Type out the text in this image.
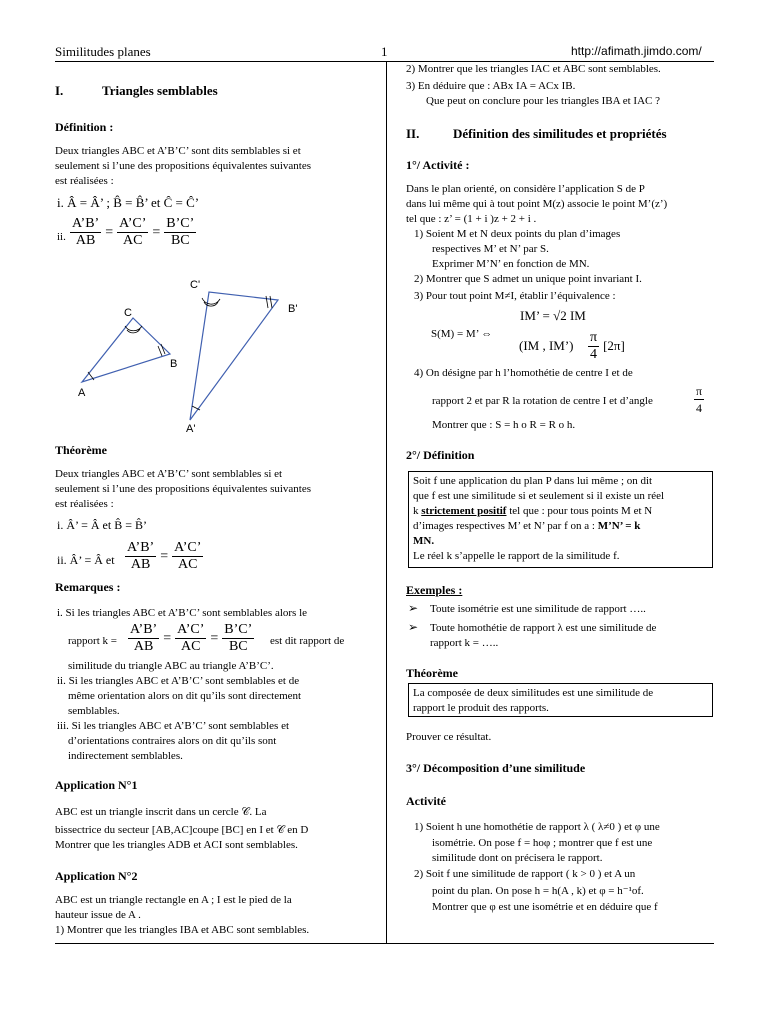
Similitudes planes	1	http://afimath.jimdo.com/
I.	Triangles semblables
Définition :
Deux triangles ABC et A’B’C’ sont dits semblables si et
seulement si l’une des propositions équivalentes suivantes
est réalisées :
i. Â = Â’ ; B̂ = B̂’ et Ĉ = Ĉ’
ii. $\frac{A’B’}{AB} = \frac{A’C’}{AC} = \frac{B’C’}{BC}$
A
B
C
A'
B'
C'
Théorème
Deux triangles ABC et A’B’C’ sont semblables si et
seulement si l’une des propositions équivalentes suivantes
est réalisées :
i. Â’ = Â et B̂ = B̂’
ii. Â’ = Â et $\frac{A’B’}{AB} = \frac{A’C’}{AC}$
Remarques :
i. Si les triangles ABC et A’B’C’ sont semblables alors le
rapport $k = \frac{A’B’}{AB} = \frac{A’C’}{AC} = \frac{B’C’}{BC}$ est dit rapport de
similitude du triangle ABC au triangle A’B’C’.
ii. Si les triangles ABC et A’B’C’ sont semblables et de
même orientation alors on dit qu’ils sont directement
semblables.
iii. Si les triangles ABC et A’B’C’ sont semblables et
d’orientations contraires alors on dit qu’ils sont
indirectement semblables.
Application N°1
ABC est un triangle inscrit dans un cercle 𝒞. La
bissectrice du secteur [AB,AC]coupe [BC] en I et 𝒞 en D
Montrer que les triangles ADB et ACI sont semblables.
Application N°2
ABC est un triangle rectangle en A ; I est le pied de la
hauteur issue de A .
1) Montrer que les triangles IBA et ABC sont semblables.
2) Montrer que les triangles IAC et ABC sont semblables.
3) En déduire que : ABx IA = ACx IB.
Que peut on conclure pour les triangles IBA et IAC ?
II.	Définition des similitudes et propriétés
1°/ Activité :
Dans le plan orienté, on considère l’application S de P
dans lui même qui à tout point M(z) associe le point M’(z’)
tel que : z’ = (1 + i )z + 2 + i .
1) Soient M et N deux points du plan d’images
respectives M’ et N’ par S.
Exprimer M’N’ en fonction de MN.
2) Montrer que S admet un unique point invariant I.
3) Pour tout point M≠I, établir l’équivalence :
IM’ = √2 IM
S(M) = M’ ⇔
(IM , IM’) $\frac{\pi}{4} [2\pi]$
4) On désigne par h l’homothétie de centre I et de
rapport 2 et par R la rotation de centre I et d’angle	$\frac{\pi}{4}$
Montrer que : S = h o R = R o h.
2°/ Définition
Soit f une application du plan P dans lui même ; on dit
que f est une similitude si et seulement si il existe un réel
k strictement positif tel que : pour tous points M et N
d’images respectives M’ et N’ par f on a : M’N’ = k
MN.
Le réel k s’appelle le rapport de la similitude f.
Exemples :
➢ Toute isométrie est une similitude de rapport …..
➢ Toute homothétie de rapport λ est une similitude de
rapport k = …..
Théorème
La composée de deux similitudes est une similitude de
rapport le produit des rapports.
Prouver ce résultat.
3°/ Décomposition d’une similitude
Activité
1) Soient h une homothétie de rapport λ ( λ≠0 ) et φ une
isométrie. On pose f = hoφ ; montrer que f est une
similitude dont on précisera le rapport.
2) Soit f une similitude de rapport ( k > 0 ) et A un
point du plan. On pose h = h(A , k) et φ = h⁻¹of.
Montrer que φ est une isométrie et en déduire que f
